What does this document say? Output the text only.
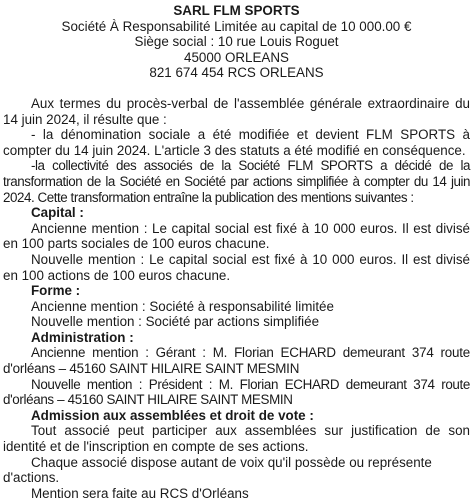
SARL FLM SPORTS
Société À Responsabilité Limitée au capital de 10 000.00 €
Siège social : 10 rue Louis Roguet
45000 ORLEANS
821 674 454 RCS ORLEANS
Aux termes du procès-verbal de l'assemblée générale extraordinaire du 14 juin 2024, il résulte que :
- la dénomination sociale a été modifiée et devient FLM SPORTS à compter du 14 juin 2024. L'article 3 des statuts a été modifié en conséquence.
-la collectivité des associés de la Société FLM SPORTS a décidé de la transformation de la Société en Société par actions simplifiée à compter du 14 juin 2024. Cette transformation entraîne la publication des mentions suivantes :
Capital :
Ancienne mention : Le capital social est fixé à 10 000 euros. Il est divisé en 100 parts sociales de 100 euros chacune.
Nouvelle mention : Le capital social est fixé à 10 000 euros. Il est divisé en 100 actions de 100 euros chacune.
Forme :
Ancienne mention : Société à responsabilité limitée
Nouvelle mention : Société par actions simplifiée
Administration :
Ancienne mention : Gérant : M. Florian ECHARD demeurant 374 route d'orléans – 45160 SAINT HILAIRE SAINT MESMIN
Nouvelle mention : Président : M. Florian ECHARD demeurant 374 route d'orléans – 45160 SAINT HILAIRE SAINT MESMIN
Admission aux assemblées et droit de vote :
Tout associé peut participer aux assemblées sur justification de son identité et de l'inscription en compte de ses actions.
Chaque associé dispose autant de voix qu'il possède ou représente d'actions.
Mention sera faite au RCS d'Orléans
